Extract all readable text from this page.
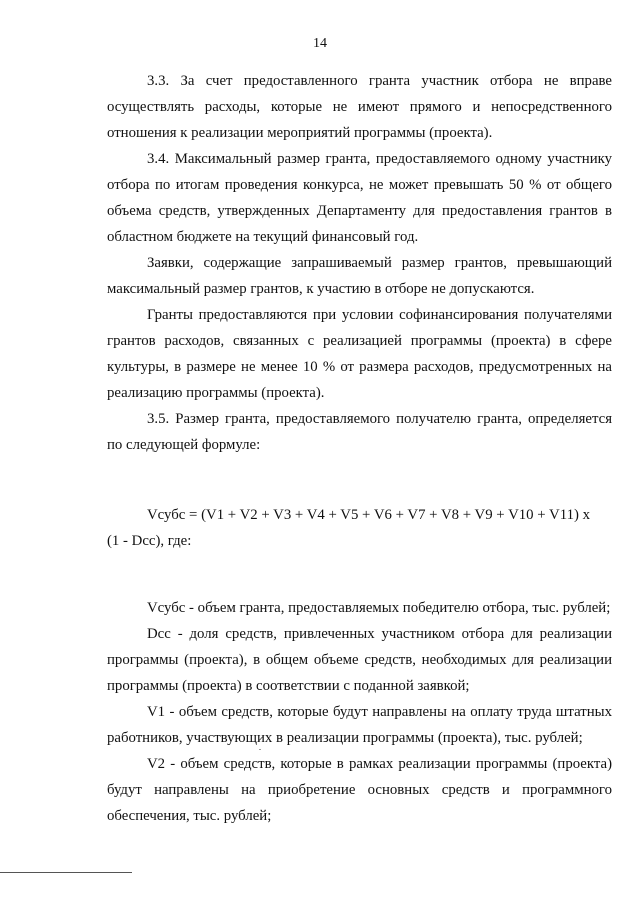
14

3.3. За счет предоставленного гранта участник отбора не вправе осуществлять расходы, которые не имеют прямого и непосредственного отношения к реализации мероприятий программы (проекта).

3.4. Максимальный размер гранта, предоставляемого одному участнику отбора по итогам проведения конкурса, не может превышать 50 % от общего объема средств, утвержденных Департаменту для предоставления грантов в областном бюджете на текущий финансовый год.

Заявки, содержащие запрашиваемый размер грантов, превышающий максимальный размер грантов, к участию в отборе не допускаются.

Гранты предоставляются при условии софинансирования получателями грантов расходов, связанных с реализацией программы (проекта) в сфере культуры, в размере не менее 10 % от размера расходов, предусмотренных на реализацию программы (проекта).

3.5. Размер гранта, предоставляемого получателю гранта, определяется по следующей формуле:

Vсубс = (V1 + V2 + V3 + V4 + V5 + V6 + V7 + V8 + V9 + V10 + V11) х

(1 - Dсс), где:

Vсубс - объем гранта, предоставляемых победителю отбора, тыс. рублей;

Dсс - доля средств, привлеченных участником отбора для реализации программы (проекта), в общем объеме средств, необходимых для реализации программы (проекта) в соответствии с поданной заявкой;

V1 - объем средств, которые будут направлены на оплату труда штатных работников, участвующих в реализации программы (проекта), тыс. рублей;

V2 - объем средств, которые в рамках реализации программы (проекта) будут направлены на приобретение основных средств и программного обеспечения, тыс. рублей;
